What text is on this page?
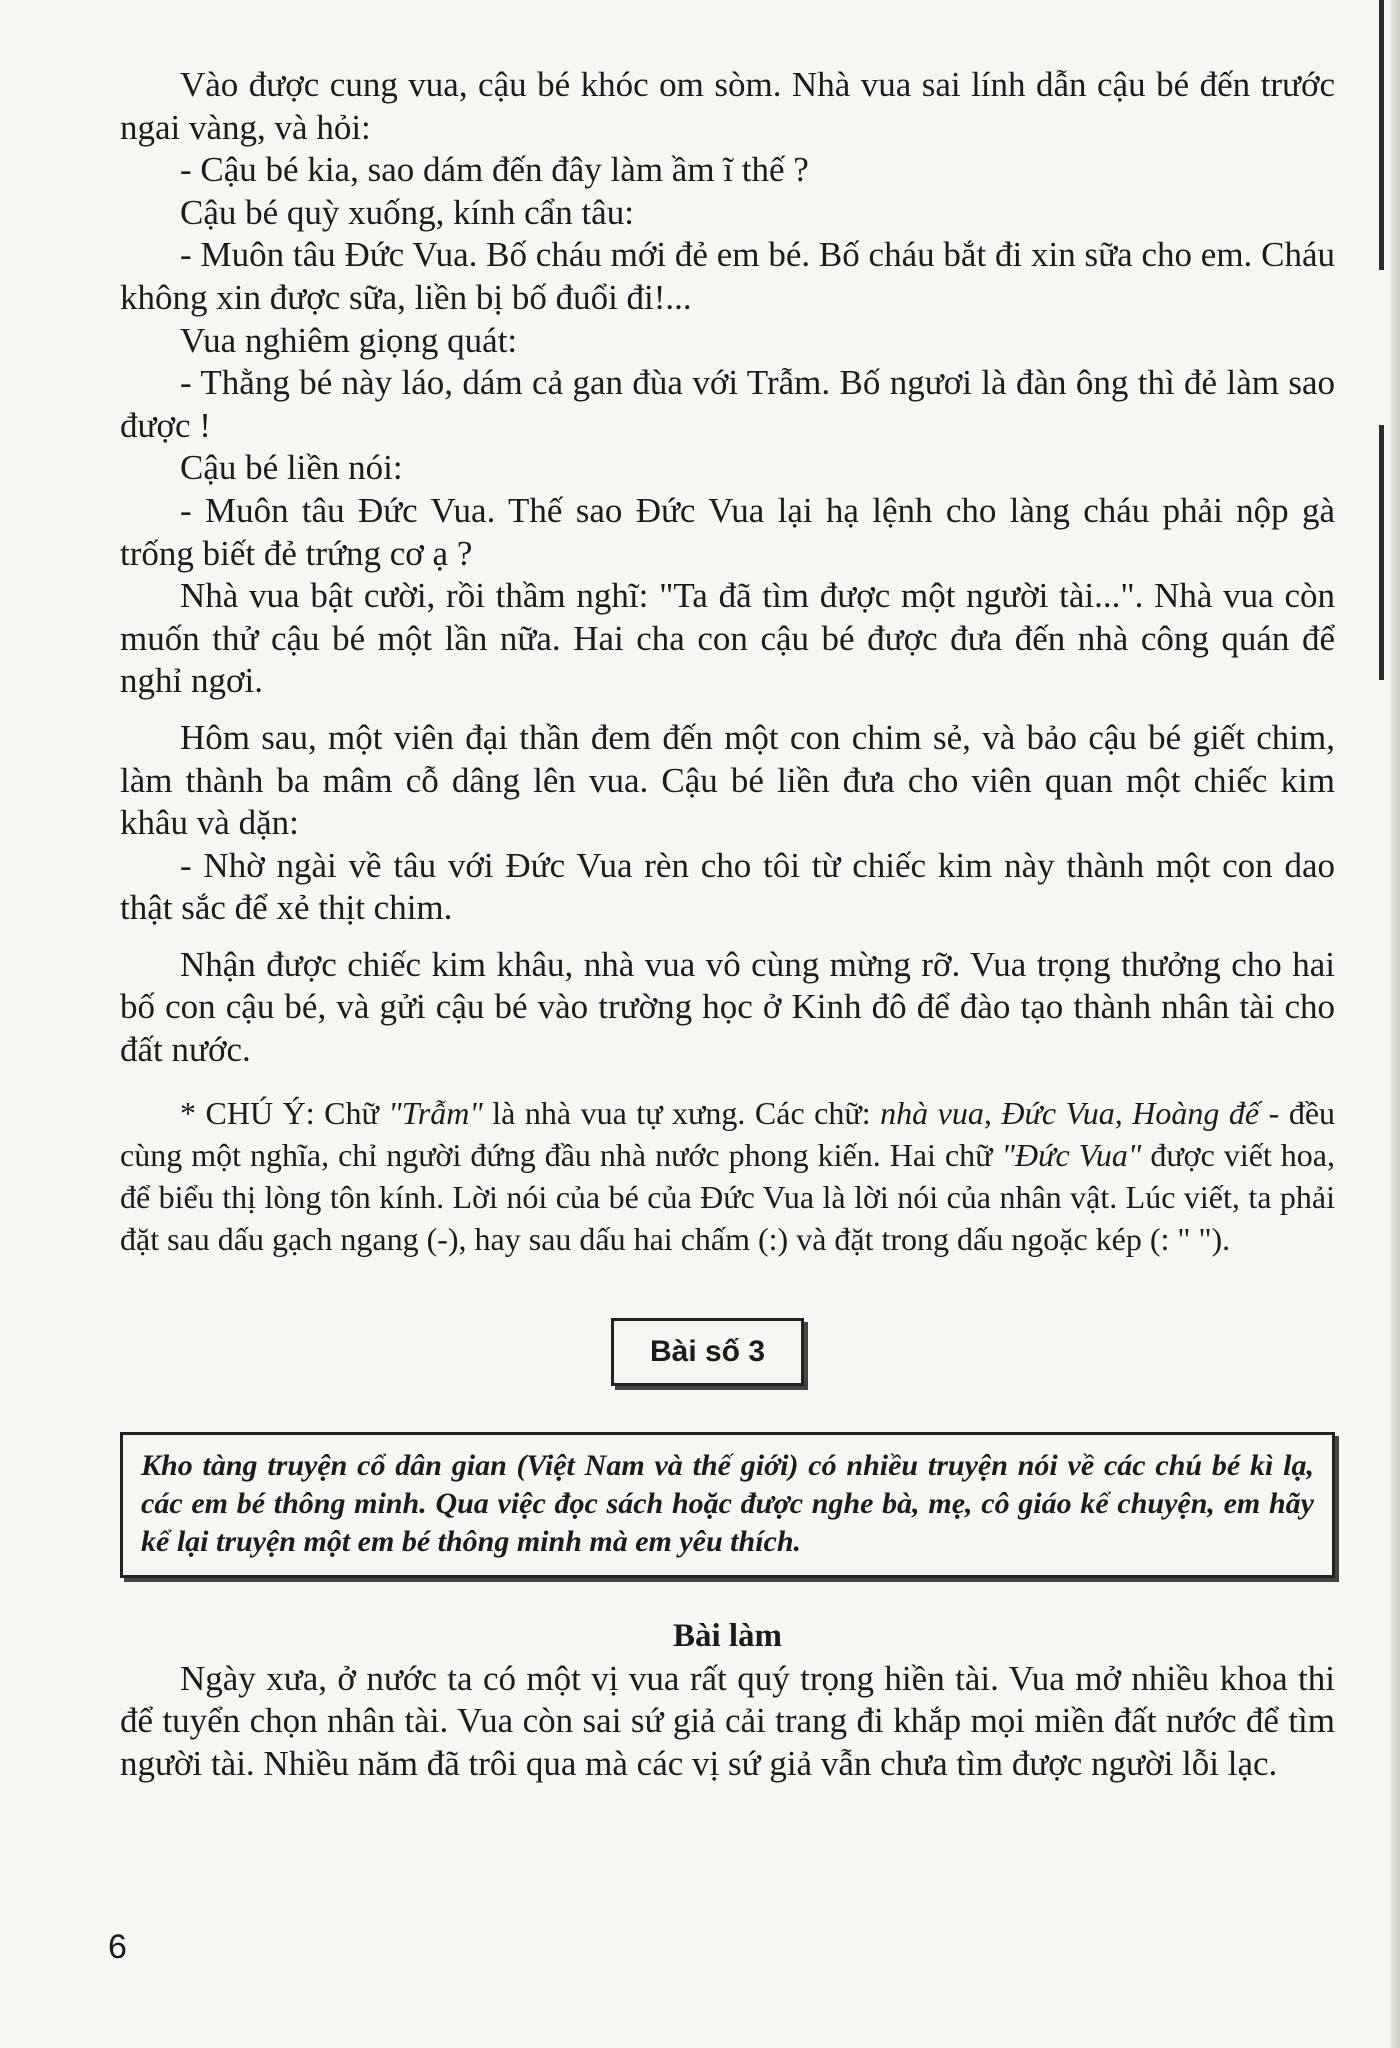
Vào được cung vua, cậu bé khóc om sòm. Nhà vua sai lính dẫn cậu bé đến trước ngai vàng, và hỏi:

- Cậu bé kia, sao dám đến đây làm ầm ĩ thế ?

Cậu bé quỳ xuống, kính cẩn tâu:

- Muôn tâu Đức Vua. Bố cháu mới đẻ em bé. Bố cháu bắt đi xin sữa cho em. Cháu không xin được sữa, liền bị bố đuổi đi!...

Vua nghiêm giọng quát:

- Thằng bé này láo, dám cả gan đùa với Trẫm. Bố ngươi là đàn ông thì đẻ làm sao được !

Cậu bé liền nói:

- Muôn tâu Đức Vua. Thế sao Đức Vua lại hạ lệnh cho làng cháu phải nộp gà trống biết đẻ trứng cơ ạ ?

Nhà vua bật cười, rồi thầm nghĩ: "Ta đã tìm được một người tài...". Nhà vua còn muốn thử cậu bé một lần nữa. Hai cha con cậu bé được đưa đến nhà công quán để nghỉ ngơi.

Hôm sau, một viên đại thần đem đến một con chim sẻ, và bảo cậu bé giết chim, làm thành ba mâm cỗ dâng lên vua. Cậu bé liền đưa cho viên quan một chiếc kim khâu và dặn:

- Nhờ ngài về tâu với Đức Vua rèn cho tôi từ chiếc kim này thành một con dao thật sắc để xẻ thịt chim.

Nhận được chiếc kim khâu, nhà vua vô cùng mừng rỡ. Vua trọng thưởng cho hai bố con cậu bé, và gửi cậu bé vào trường học ở Kinh đô để đào tạo thành nhân tài cho đất nước.

* CHÚ Ý: Chữ "Trẫm" là nhà vua tự xưng. Các chữ: nhà vua, Đức Vua, Hoàng đế - đều cùng một nghĩa, chỉ người đứng đầu nhà nước phong kiến. Hai chữ "Đức Vua" được viết hoa, để biểu thị lòng tôn kính. Lời nói của bé của Đức Vua là lời nói của nhân vật. Lúc viết, ta phải đặt sau dấu gạch ngang (-), hay sau dấu hai chấm (:) và đặt trong dấu ngoặc kép (: " ").

Bài số 3
Kho tàng truyện cổ dân gian (Việt Nam và thế giới) có nhiều truyện nói về các chú bé kì lạ, các em bé thông minh. Qua việc đọc sách hoặc được nghe bà, mẹ, cô giáo kể chuyện, em hãy kể lại truyện một em bé thông minh mà em yêu thích.
Bài làm

Ngày xưa, ở nước ta có một vị vua rất quý trọng hiền tài. Vua mở nhiều khoa thi để tuyển chọn nhân tài. Vua còn sai sứ giả cải trang đi khắp mọi miền đất nước để tìm người tài. Nhiều năm đã trôi qua mà các vị sứ giả vẫn chưa tìm được người lỗi lạc.

6
